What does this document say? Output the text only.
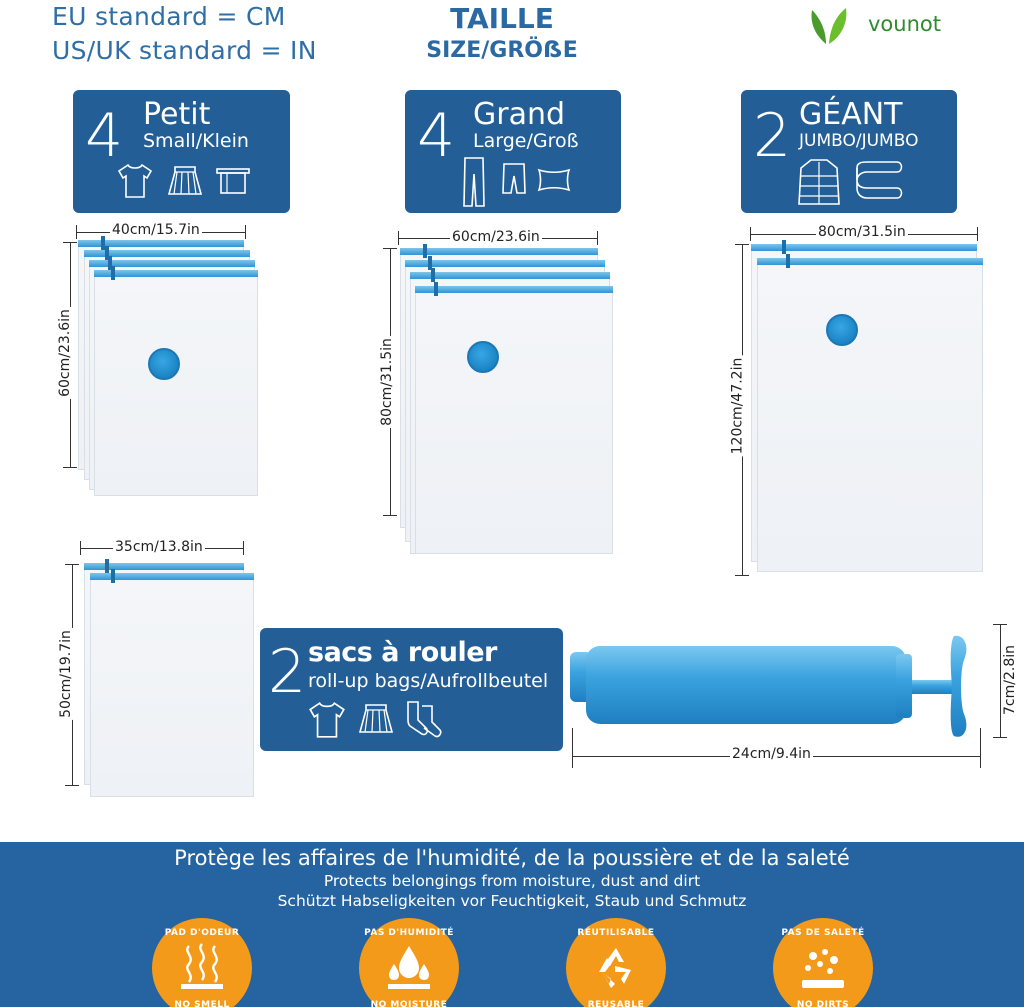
EU standard = CM
US/UK standard = IN
TAILLE
SIZE/GRÖẞE
vounot
4 Petit
Small/Klein	4 Grand
Large/Groß	2 GÉANT
JUMBO/JUMBO
40cm/15.7in
60cm/23.6in
60cm/23.6in
80cm/31.5in
80cm/31.5in
120cm/47.2in
35cm/13.8in
50cm/19.7in	2 sacs à rouler
roll-up bags/Aufrollbeutel
24cm/9.4in
7cm/2.8in
Protège les affaires de l'humidité, de la poussière et de la saleté
Protects belongings from moisture, dust and dirt
Schützt Habseligkeiten vor Feuchtigkeit, Staub und Schmutz
PAD D'ODEUR
NO SMELL
PAS D'HUMIDITÉ
NO MOISTURE
RÉUTILISABLE
REUSABLE
PAS DE SALETÉ
NO DIRTS
